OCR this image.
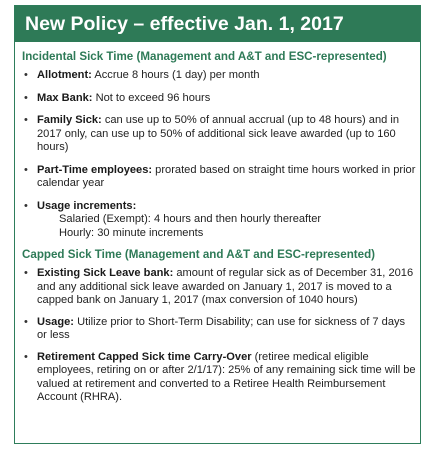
New Policy – effective Jan. 1, 2017
Incidental Sick Time (Management and A&T and ESC-represented)
• Allotment: Accrue 8 hours (1 day) per month
• Max Bank: Not to exceed 96 hours
• Family Sick: can use up to 50% of annual accrual (up to 48 hours) and in 2017 only, can use up to 50% of additional sick leave awarded (up to 160 hours)
• Part-Time employees: prorated based on straight time hours worked in prior calendar year
• Usage increments:
Salaried (Exempt): 4 hours and then hourly thereafter
Hourly: 30 minute increments
Capped Sick Time (Management and A&T and ESC-represented)
• Existing Sick Leave bank: amount of regular sick as of December 31, 2016 and any additional sick leave awarded on January 1, 2017 is moved to a capped bank on January 1, 2017 (max conversion of 1040 hours)
• Usage: Utilize prior to Short-Term Disability; can use for sickness of 7 days or less
• Retirement Capped Sick time Carry-Over (retiree medical eligible employees, retiring on or after 2/1/17): 25% of any remaining sick time will be valued at retirement and converted to a Retiree Health Reimbursement Account (RHRA).
